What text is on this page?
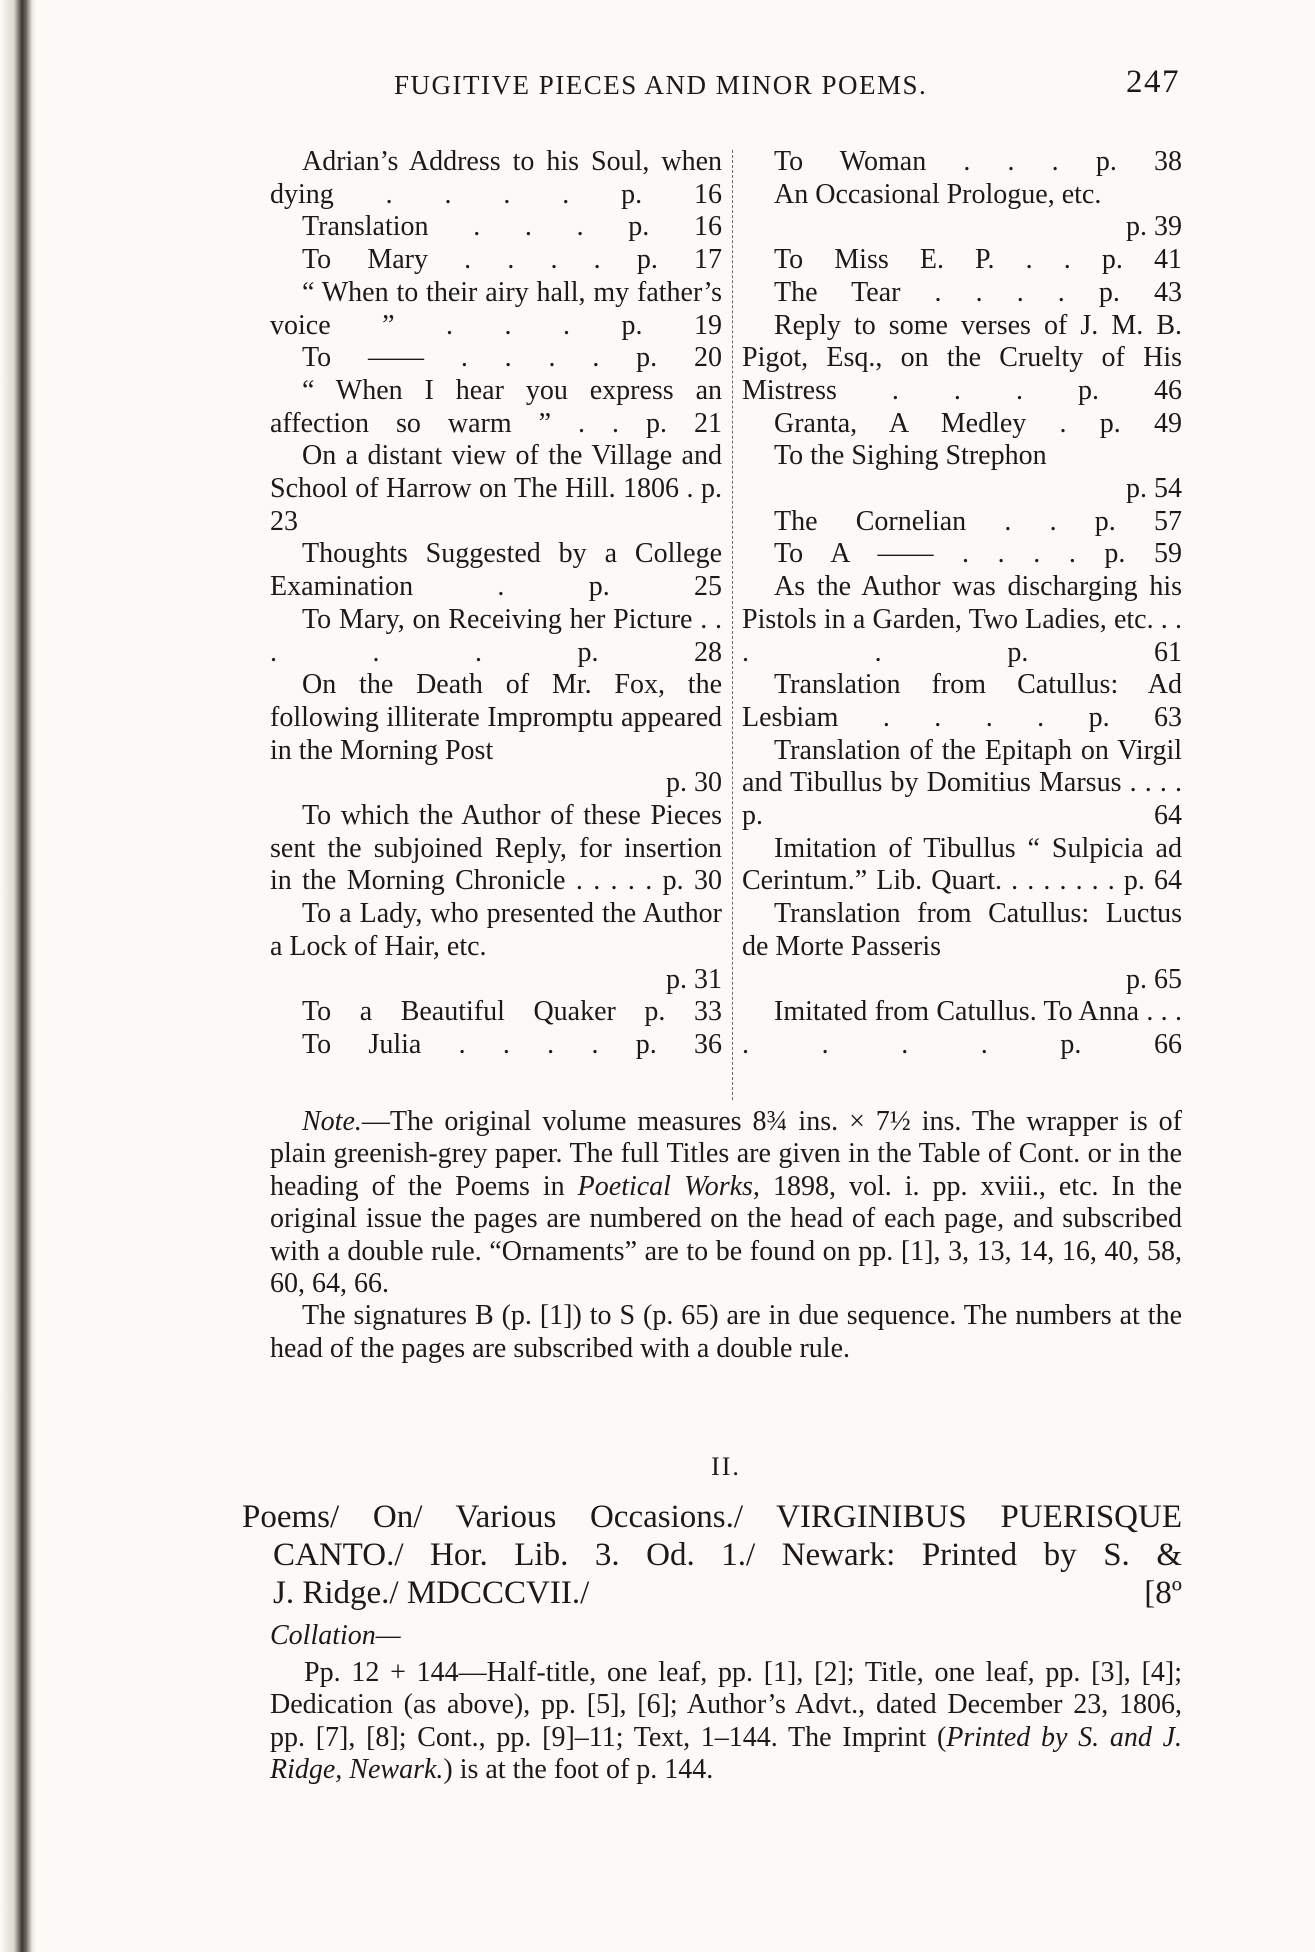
FUGITIVE PIECES AND MINOR POEMS.	247
Adrian’s Address to his Soul, when dying . . . . p. 16
Translation . . . p. 16
To Mary . . . . p. 17
“ When to their airy hall, my father’s voice ” . . . p. 19
To —— . . . . p. 20
“ When I hear you express an affection so warm ” . . p. 21
On a distant view of the Village and School of Harrow on The Hill. 1806 . p. 23
Thoughts Suggested by a College Examination . p. 25
To Mary, on Receiving her Picture . . . . . p. 28
On the Death of Mr. Fox, the following illiterate Impromptu appeared in the Morning Post
p. 30
To which the Author of these Pieces sent the subjoined Reply, for insertion in the Morning Chronicle . . . . . p. 30
To a Lady, who presented the Author a Lock of Hair, etc.
p. 31
To a Beautiful Quaker p. 33
To Julia . . . . p. 36
To Woman . . . p. 38
An Occasional Prologue, etc.
p. 39
To Miss E. P. . . p. 41
The Tear . . . . p. 43
Reply to some verses of J. M. B. Pigot, Esq., on the Cruelty of His Mistress . . . p. 46
Granta, A Medley . p. 49
To the Sighing Strephon
p. 54
The Cornelian . . p. 57
To A —— . . . . p. 59
As the Author was discharging his Pistols in a Garden, Two Ladies, etc. . . . . p. 61
Translation from Catullus: Ad Lesbiam . . . . p. 63
Translation of the Epitaph on Virgil and Tibullus by Domitius Marsus . . . . p. 64
Imitation of Tibullus “ Sulpicia ad Cerintum.” Lib. Quart. . . . . . . . p. 64
Translation from Catullus: Luctus de Morte Passeris
p. 65
Imitated from Catullus. To Anna . . . . . . . p. 66

Note.—The original volume measures 8¾ ins. × 7½ ins. The wrapper is of plain greenish-grey paper. The full Titles are given in the Table of Cont. or in the heading of the Poems in Poetical Works, 1898, vol. i. pp. xviii., etc. In the original issue the pages are numbered on the head of each page, and subscribed with a double rule. “Ornaments” are to be found on pp. [1], 3, 13, 14, 16, 40, 58, 60, 64, 66.

The signatures B (p. [1]) to S (p. 65) are in due sequence. The numbers at the head of the pages are subscribed with a double rule.

II.
Poems/ On/ Various Occasions./ VIRGINIBUS PUERISQUE
CANTO./ Hor. Lib. 3. Od. 1./ Newark: Printed by S. &
J. Ridge./ MDCCCVII./	[8º
Collation—

Pp. 12 + 144—Half-title, one leaf, pp. [1], [2]; Title, one leaf, pp. [3], [4]; Dedication (as above), pp. [5], [6]; Author’s Advt., dated December 23, 1806, pp. [7], [8]; Cont., pp. [9]–11; Text, 1–144. The Imprint (Printed by S. and J. Ridge, Newark.) is at the foot of p. 144.
